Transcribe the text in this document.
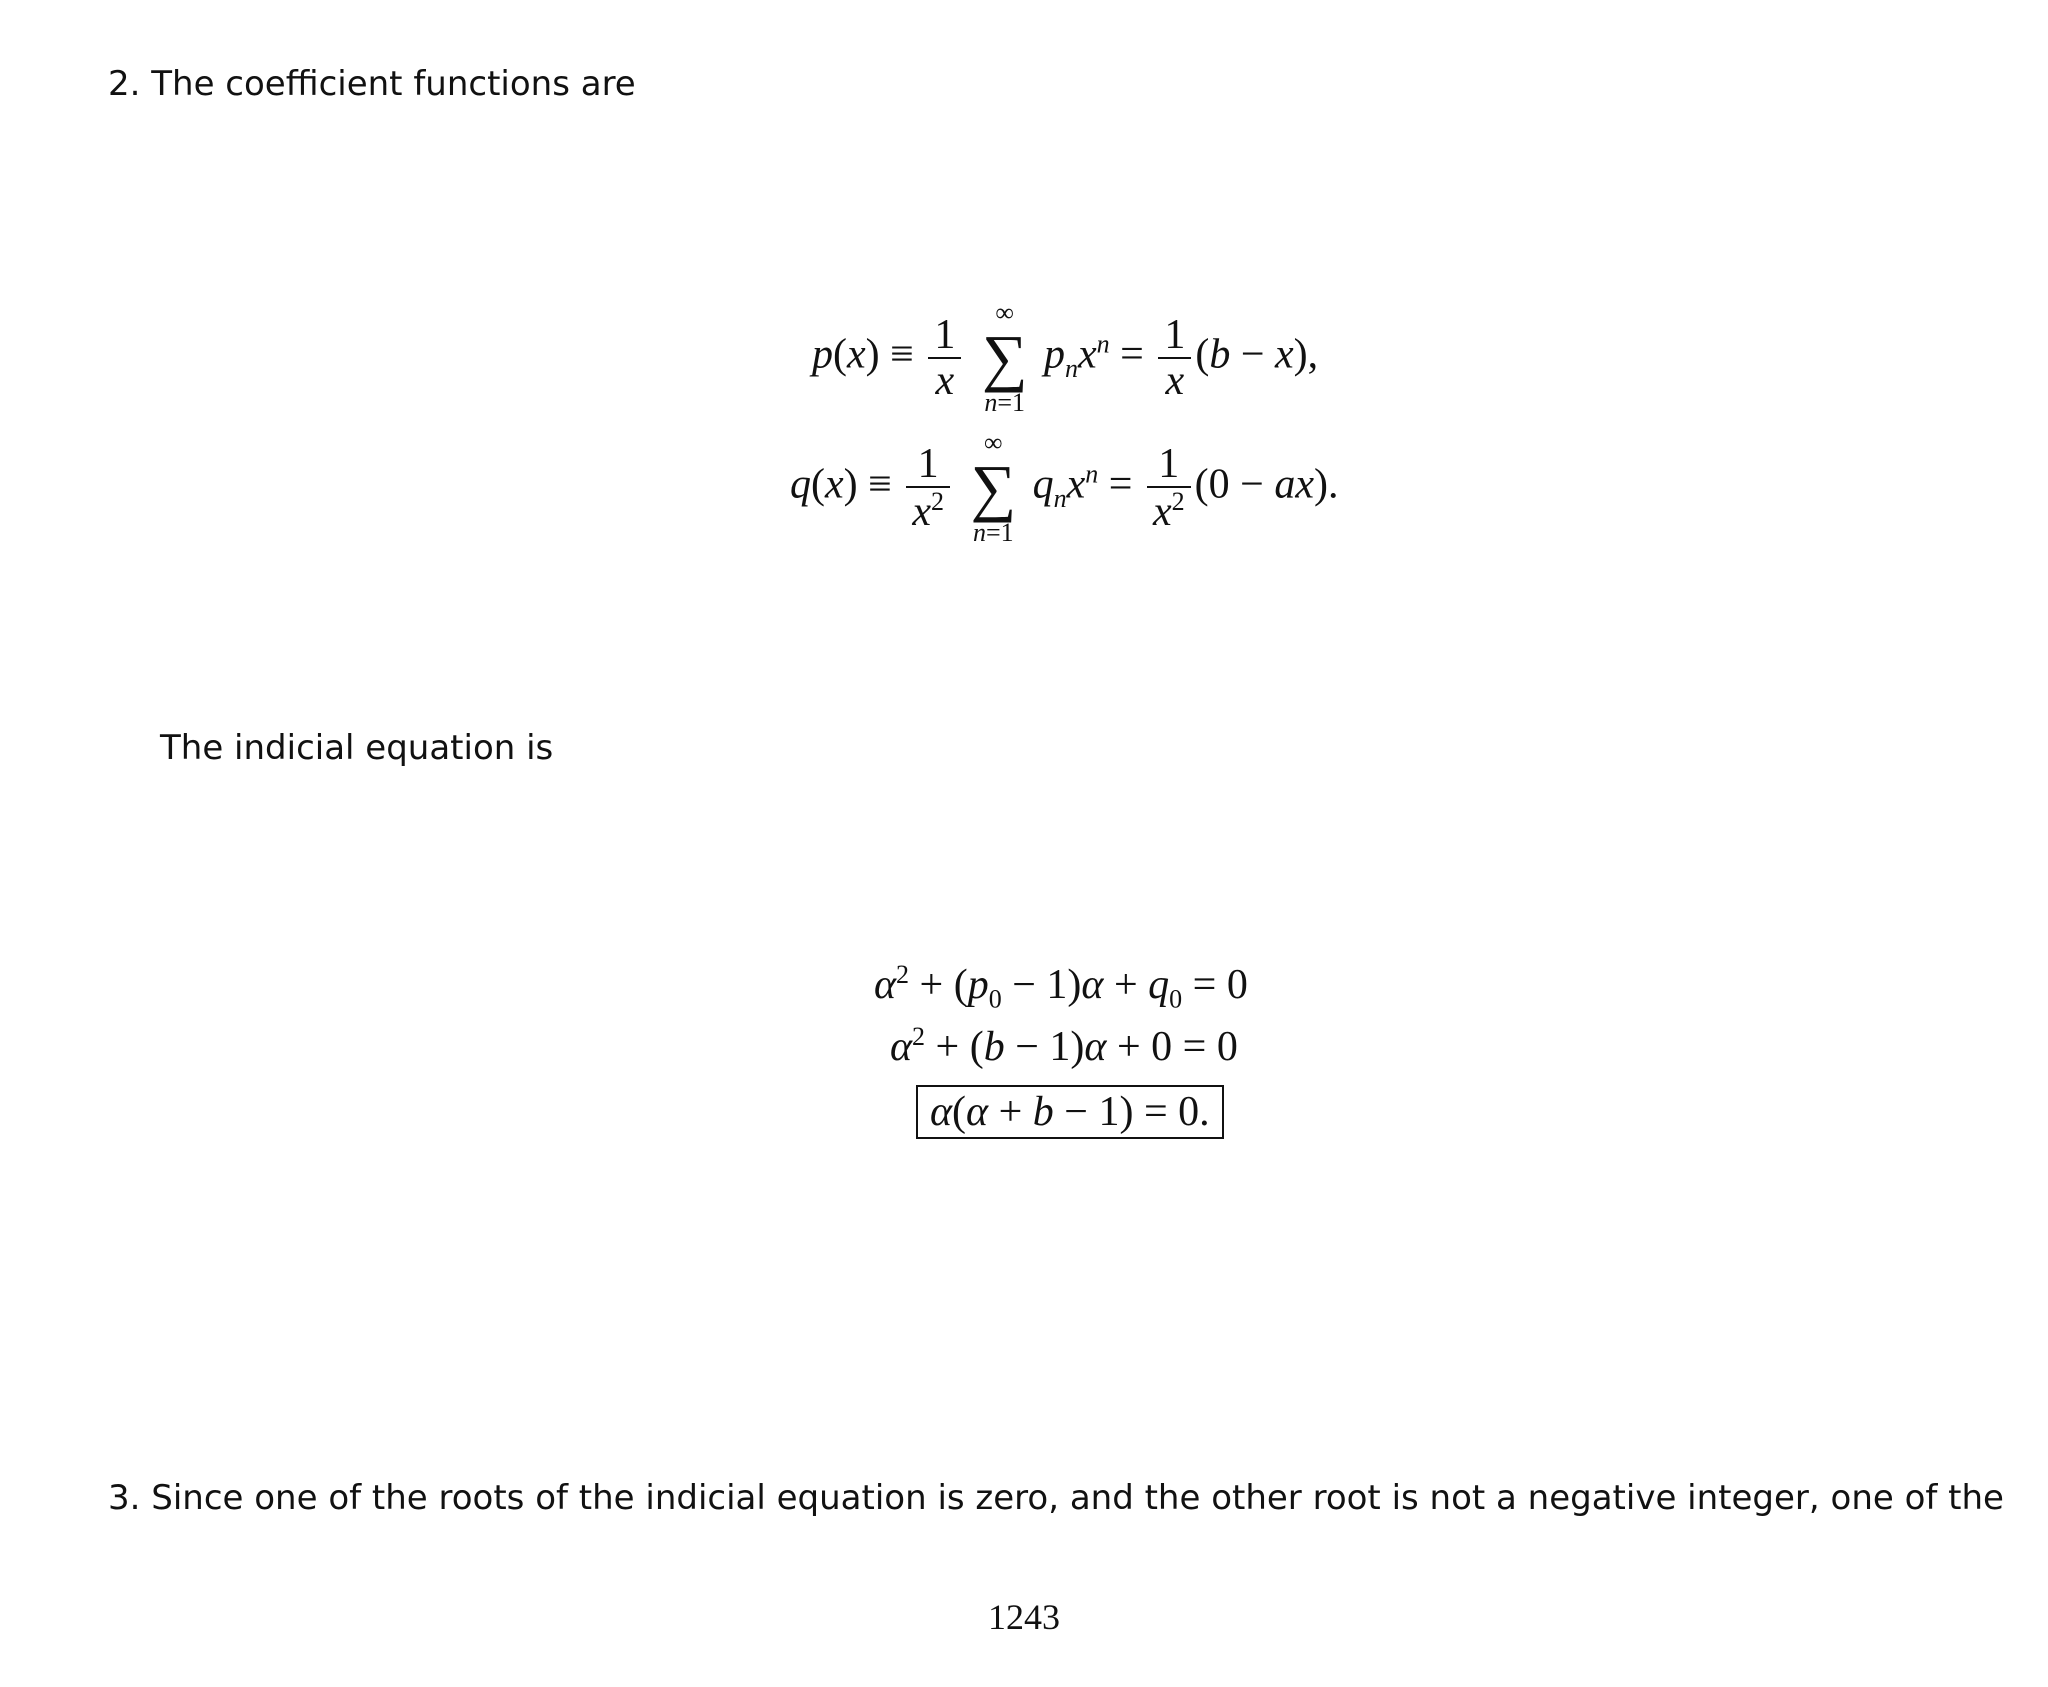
2. The coefficient functions are
$p(x) \equiv \frac{1}{x}$

∞
∑
n=1
$p_nx^n = \frac{1}{x} (b - x)$,
$q(x) \equiv \frac{1}{x^2}$
	∞
∑
n=1
$q_nx^n = \frac{1}{x^2} (0 - ax)$.
The indicial equation is
$\alpha^2 + (p_0 - 1)\alpha + q_0 = 0$
$\alpha^2 + (b - 1)\alpha + 0 = 0$
α(α + b − 1) = 0.
3. Since one of the roots of the indicial equation is zero, and the other root is not a negative integer, one of the
1243
